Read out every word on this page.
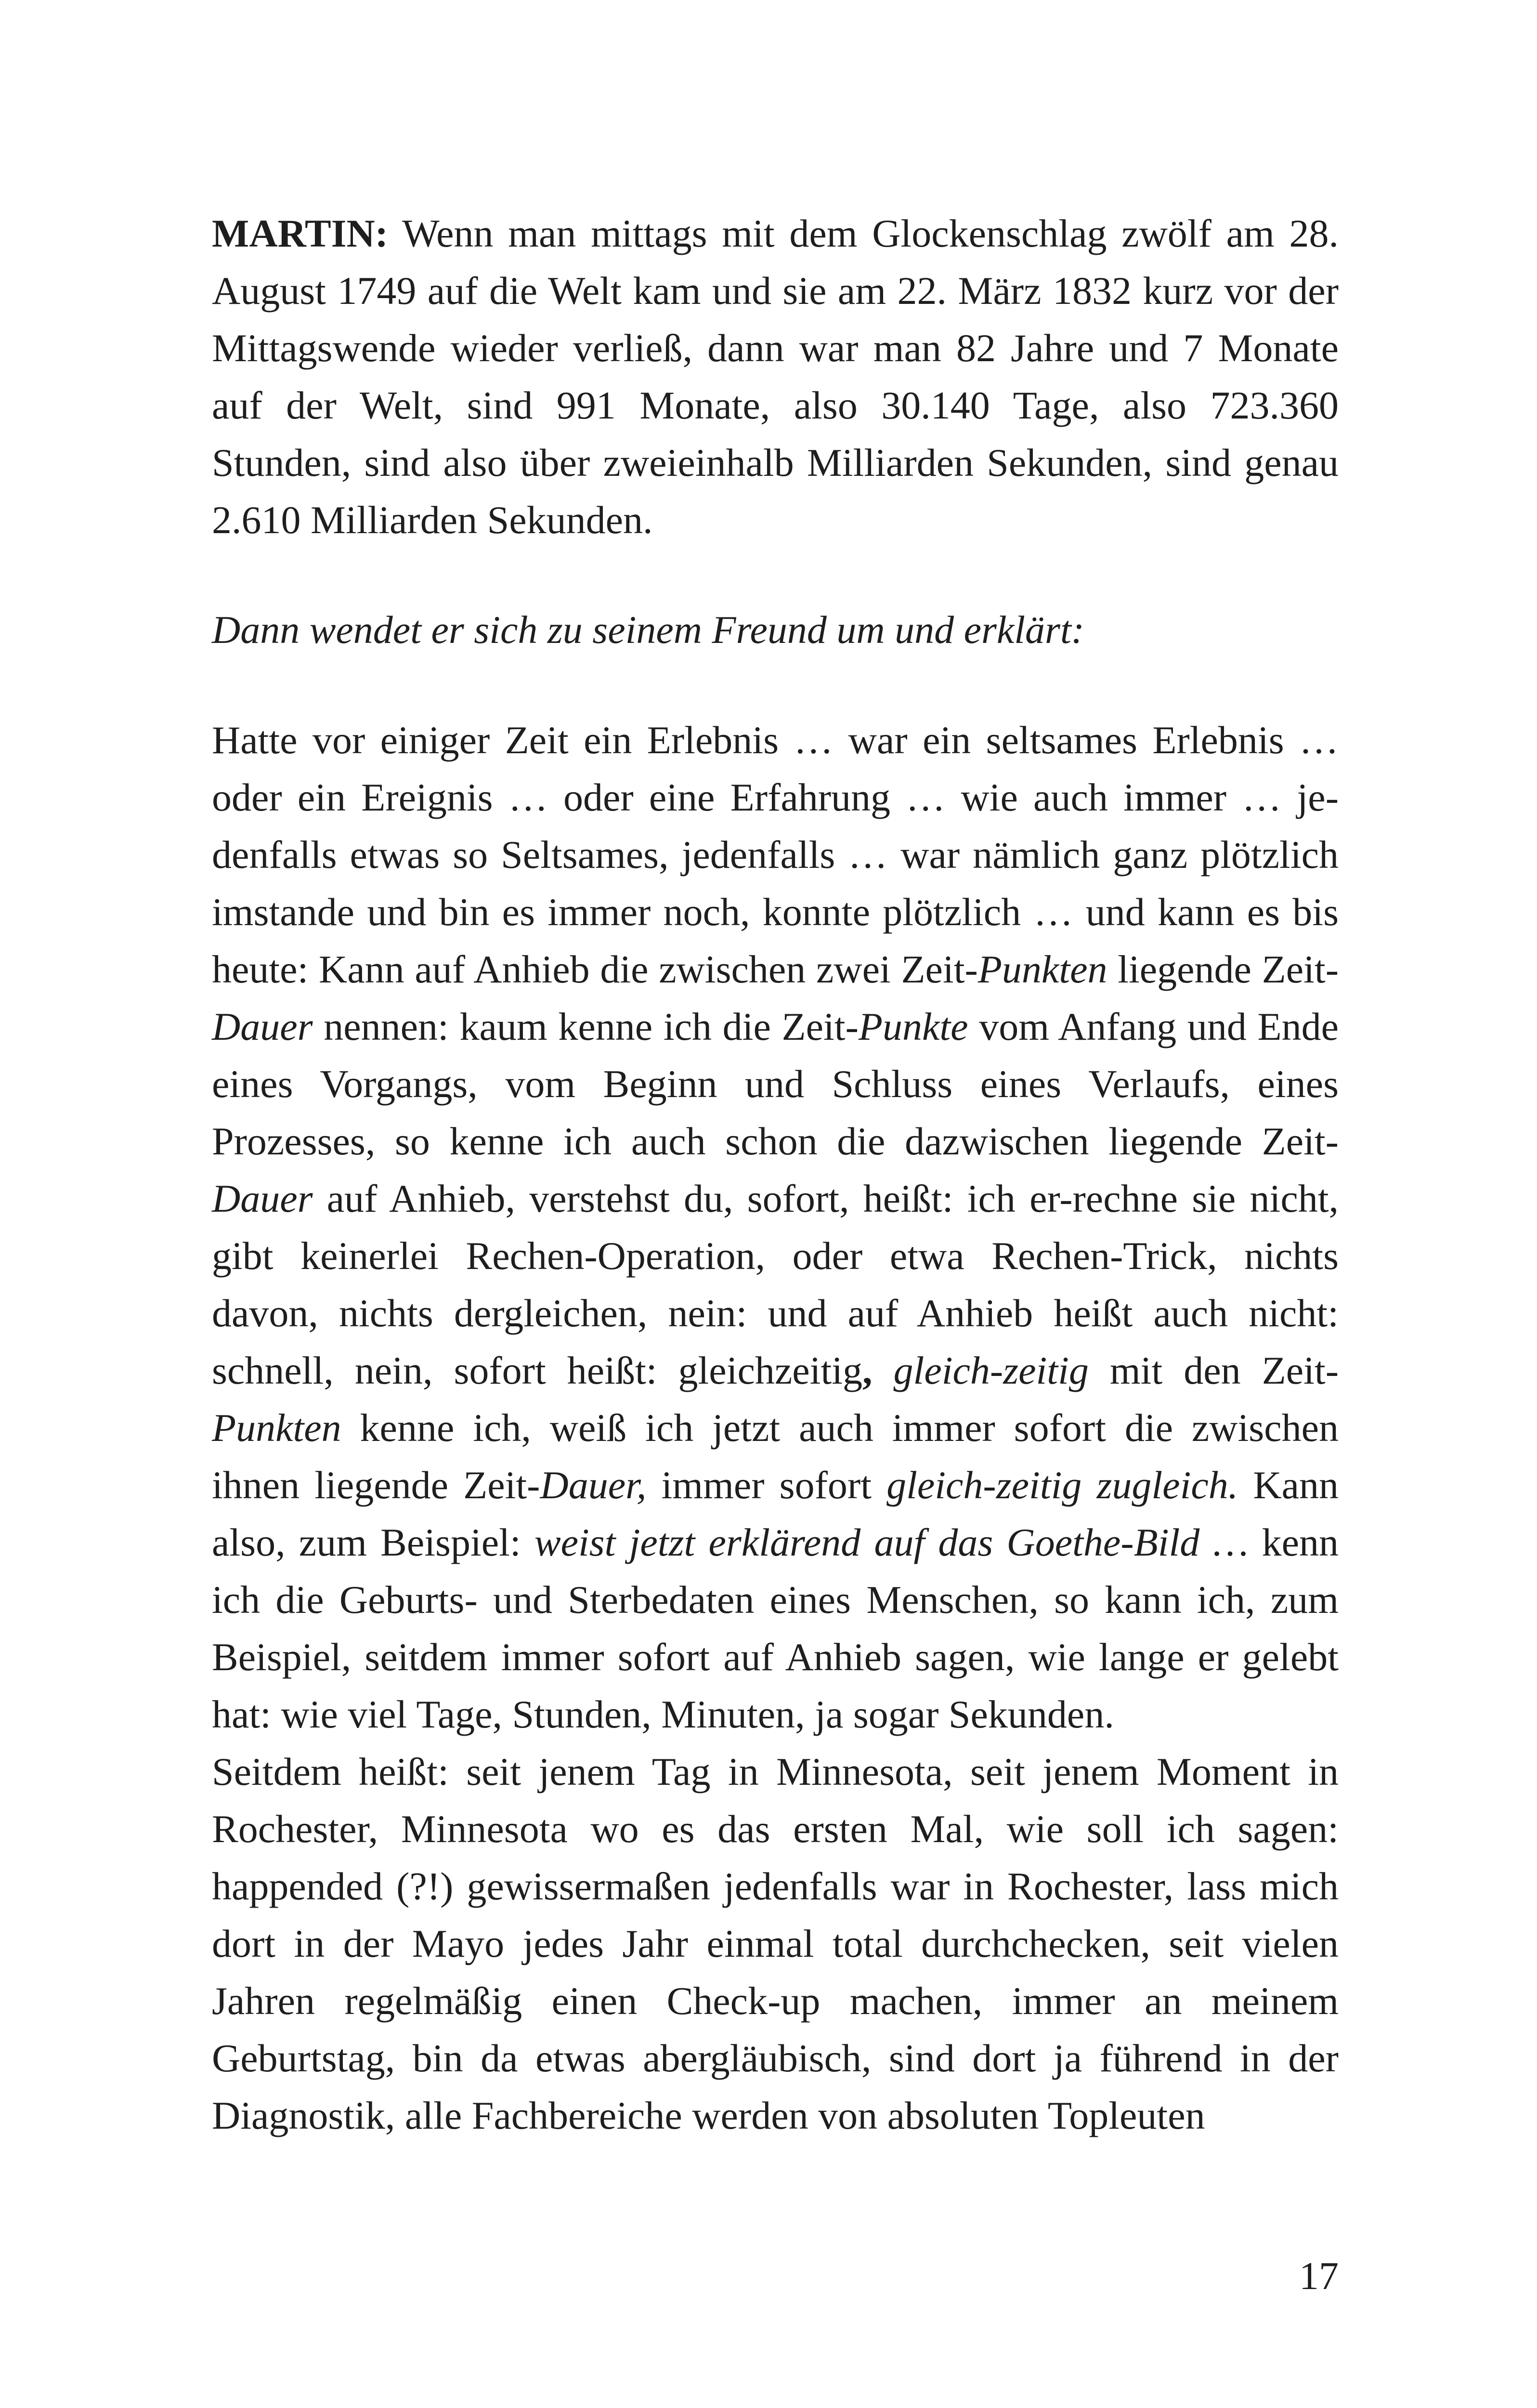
MARTIN: Wenn man mittags mit dem Glockenschlag zwölf am 28. August 1749 auf die Welt kam und sie am 22. März 1832 kurz vor der Mittagswende wieder verließ, dann war man 82 Jahre und 7 Monate auf der Welt, sind 991 Monate, also 30.140 Tage, also 723.360 Stunden, sind also über zweieinhalb Milliarden Sekunden, sind genau 2.610 Milliarden Sekunden.

Dann wendet er sich zu seinem Freund um und erklärt:

Hatte vor einiger Zeit ein Erlebnis … war ein seltsames Erlebnis … oder ein Ereignis … oder eine Erfahrung … wie auch immer … jedenfalls etwas so Seltsames, jedenfalls … war nämlich ganz plötzlich imstande und bin es immer noch, konnte plötzlich … und kann es bis heute: Kann auf Anhieb die zwischen zwei Zeit-Punkten liegende Zeit-Dauer nennen: kaum kenne ich die Zeit-Punkte vom Anfang und Ende eines Vorgangs, vom Beginn und Schluss eines Verlaufs, eines Prozesses, so kenne ich auch schon die dazwischen liegende Zeit-Dauer auf Anhieb, verstehst du, sofort, heißt: ich er-rechne sie nicht, gibt keinerlei Rechen-Operation, oder etwa Rechen-Trick, nichts davon, nichts dergleichen, nein: und auf Anhieb heißt auch nicht: schnell, nein, sofort heißt: gleichzeitig, gleich-zeitig mit den Zeit-Punkten kenne ich, weiß ich jetzt auch immer sofort die zwischen ihnen liegende Zeit-Dauer, immer sofort gleich-zeitig zugleich. Kann also, zum Beispiel: weist jetzt erklärend auf das Goethe-Bild … kenn ich die Geburts- und Sterbedaten eines Menschen, so kann ich, zum Beispiel, seitdem immer sofort auf Anhieb sagen, wie lange er gelebt hat: wie viel Tage, Stunden, Minuten, ja sogar Sekunden.

Seitdem heißt: seit jenem Tag in Minnesota, seit jenem Moment in Rochester, Minnesota wo es das ersten Mal, wie soll ich sagen: happended (?!) gewissermaßen jedenfalls war in Rochester, lass mich dort in der Mayo jedes Jahr einmal total durchchecken, seit vielen Jahren regelmäßig einen Check-up machen, immer an meinem Geburtstag, bin da etwas abergläubisch, sind dort ja führend in der Diagnostik, alle Fachbereiche werden von absoluten Topleuten

17
